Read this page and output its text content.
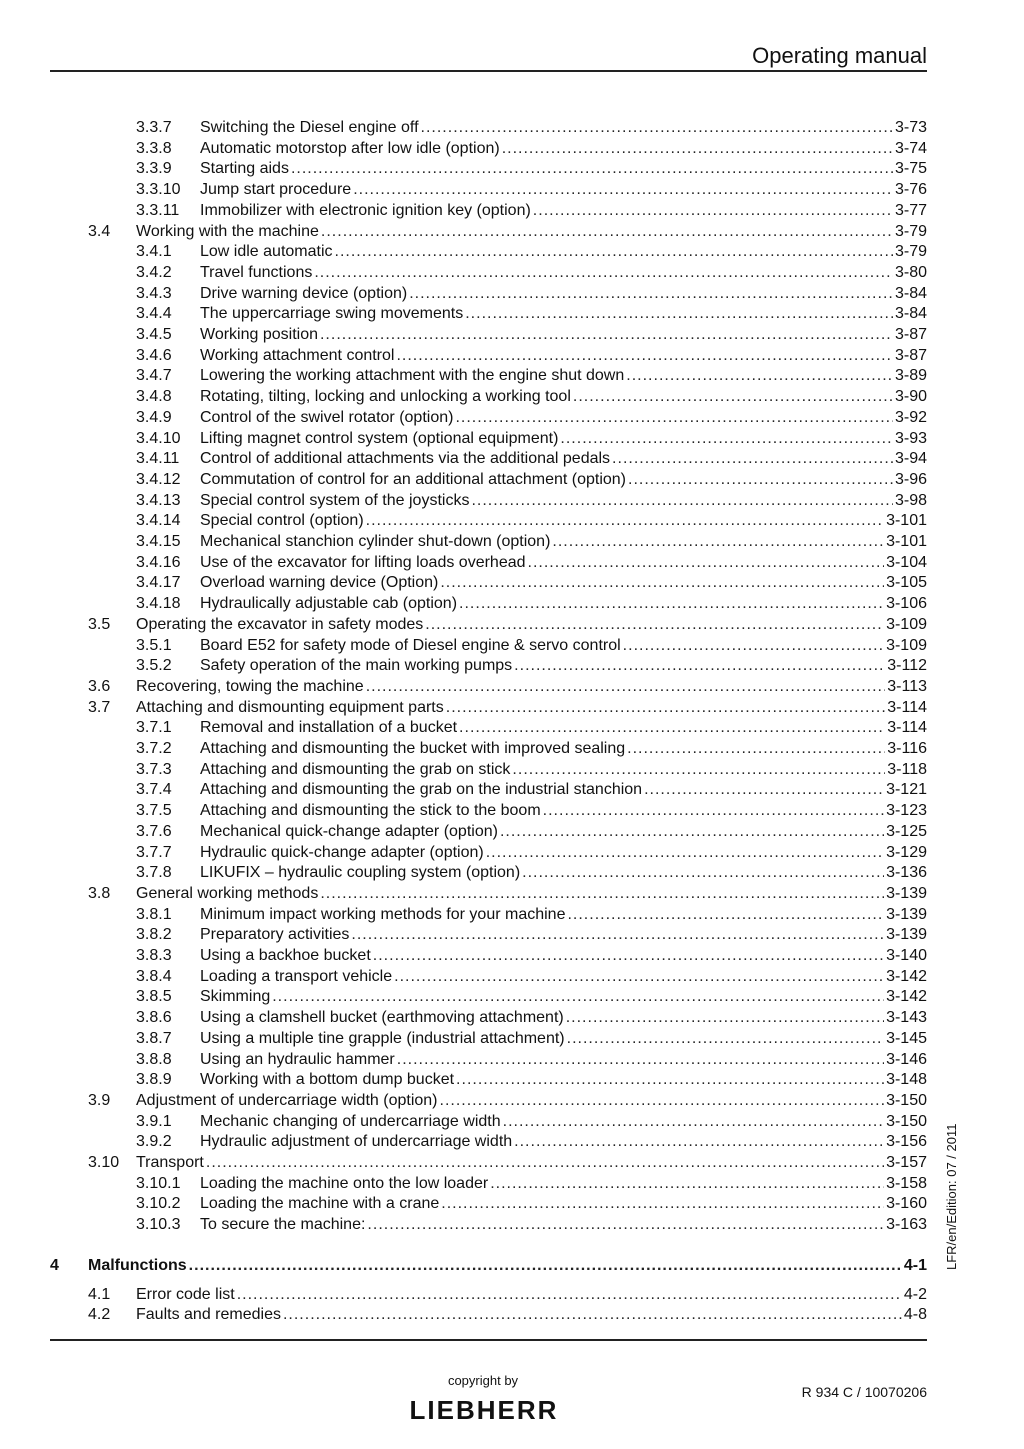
Operating manual
3.3.7 Switching the Diesel engine off .....	3-73
3.3.8 Automatic motorstop after low idle (option) .....	3-74
3.3.9 Starting aids .....	3-75
3.3.10 Jump start procedure .....	3-76
3.3.11 Immobilizer with electronic ignition key (option) .....	3-77
3.4 Working with the machine .....	3-79
3.4.1 Low idle automatic .....	3-79
3.4.2 Travel functions .....	3-80
3.4.3 Drive warning device (option) .....	3-84
3.4.4 The uppercarriage swing movements .....	3-84
3.4.5 Working position .....	3-87
3.4.6 Working attachment control .....	3-87
3.4.7 Lowering the working attachment with the engine shut down .....	3-89
3.4.8 Rotating, tilting, locking and unlocking a working tool .....	3-90
3.4.9 Control of the swivel rotator (option) .....	3-92
3.4.10 Lifting magnet control system (optional equipment) .....	3-93
3.4.11 Control of additional attachments via the additional pedals .....	3-94
3.4.12 Commutation of control for an additional attachment (option) .....	3-96
3.4.13 Special control system of the joysticks .....	3-98
3.4.14 Special control (option) .....	3-101
3.4.15 Mechanical stanchion cylinder shut-down (option) .....	3-101
3.4.16 Use of the excavator for lifting loads overhead .....	3-104
3.4.17 Overload warning device (Option) .....	3-105
3.4.18 Hydraulically adjustable cab (option) .....	3-106
3.5 Operating the excavator in safety modes .....	3-109
3.5.1 Board E52 for safety mode of Diesel engine & servo control .....	3-109
3.5.2 Safety operation of the main working pumps .....	3-112
3.6 Recovering, towing the machine .....	3-113
3.7 Attaching and dismounting equipment parts .....	3-114
3.7.1 Removal and installation of a bucket .....	3-114
3.7.2 Attaching and dismounting the bucket with improved sealing .....	3-116
3.7.3 Attaching and dismounting the grab on stick .....	3-118
3.7.4 Attaching and dismounting the grab on the industrial stanchion .....	3-121
3.7.5 Attaching and dismounting the stick to the boom .....	3-123
3.7.6 Mechanical quick-change adapter (option) .....	3-125
3.7.7 Hydraulic quick-change adapter (option) .....	3-129
3.7.8 LIKUFIX – hydraulic coupling system (option) .....	3-136
3.8 General working methods .....	3-139
3.8.1 Minimum impact working methods for your machine .....	3-139
3.8.2 Preparatory activities .....	3-139
3.8.3 Using a backhoe bucket .....	3-140
3.8.4 Loading a transport vehicle .....	3-142
3.8.5 Skimming .....	3-142
3.8.6 Using a clamshell bucket (earthmoving attachment) .....	3-143
3.8.7 Using a multiple tine grapple (industrial attachment) .....	3-145
3.8.8 Using an hydraulic hammer .....	3-146
3.8.9 Working with a bottom dump bucket .....	3-148
3.9 Adjustment of undercarriage width (option) .....	3-150
3.9.1 Mechanic changing of undercarriage width .....	3-150
3.9.2 Hydraulic adjustment of undercarriage width .....	3-156
3.10 Transport .....	3-157
3.10.1 Loading the machine onto the low loader .....	3-158
3.10.2 Loading the machine with a crane .....	3-160
3.10.3 To secure the machine: .....	3-163
4 Malfunctions .....	4-1
4.1 Error code list .....	4-2
4.2 Faults and remedies .....	4-8
copyright by
LIEBHERR
R 934 C / 10070206
LFR/en/Edition: 07 / 2011
